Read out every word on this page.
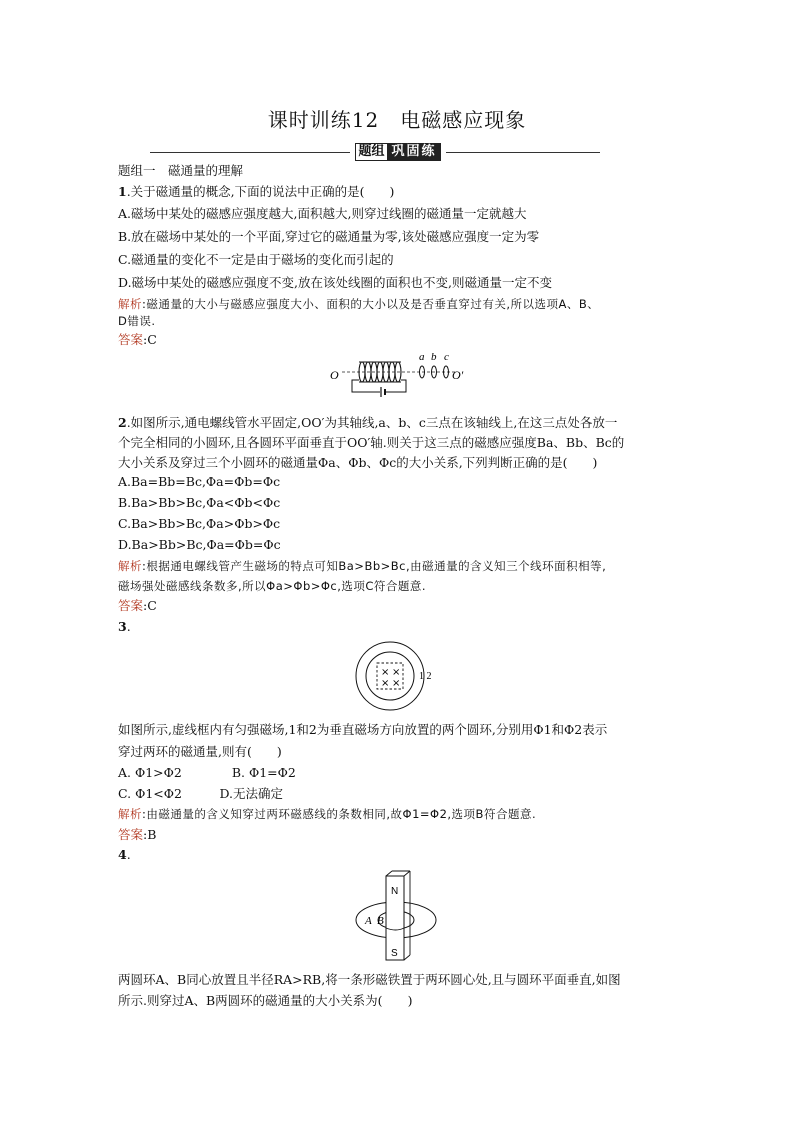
课时训练12　电磁感应现象
题组 巩固练
题组一　磁通量的理解
1.关于磁通量的概念,下面的说法中正确的是(　　)
A.磁场中某处的磁感应强度越大,面积越大,则穿过线圈的磁通量一定就越大
B.放在磁场中某处的一个平面,穿过它的磁通量为零,该处磁感应强度一定为零
C.磁通量的变化不一定是由于磁场的变化而引起的
D.磁场中某处的磁感应强度不变,放在该处线圈的面积也不变,则磁通量一定不变
解析:磁通量的大小与磁感应强度大小、面积的大小以及是否垂直穿过有关,所以选项A、B、
D错误.
答案:C
O	O′
a b c
2.如图所示,通电螺线管水平固定,OO′为其轴线,a、b、c三点在该轴线上,在这三点处各放一
个完全相同的小圆环,且各圆环平面垂直于OO′轴.则关于这三点的磁感应强度Ba、Bb、Bc的
大小关系及穿过三个小圆环的磁通量Φa、Φb、Φc的大小关系,下列判断正确的是(　　)
A.Ba=Bb=Bc,Φa=Φb=Φc
B.Ba>Bb>Bc,Φa<Φb<Φc
C.Ba>Bb>Bc,Φa>Φb>Φc
D.Ba>Bb>Bc,Φa=Φb=Φc
解析:根据通电螺线管产生磁场的特点可知Ba>Bb>Bc,由磁通量的含义知三个线环面积相等,
磁场强处磁感线条数多,所以Φa>Φb>Φc,选项C符合题意.
答案:C
3.
× ×
× ×
1 2
如图所示,虚线框内有匀强磁场,1和2为垂直磁场方向放置的两个圆环,分别用Φ1和Φ2表示
穿过两环的磁通量,则有(　　)
A. Φ1>Φ2　　　　B. Φ1=Φ2
C. Φ1<Φ2　　　D.无法确定
解析:由磁通量的含义知穿过两环磁感线的条数相同,故Φ1=Φ2,选项B符合题意.
答案:B
4.
N
S
A B
两圆环A、B同心放置且半径RA>RB,将一条形磁铁置于两环圆心处,且与圆环平面垂直,如图
所示.则穿过A、B两圆环的磁通量的大小关系为(　　)
